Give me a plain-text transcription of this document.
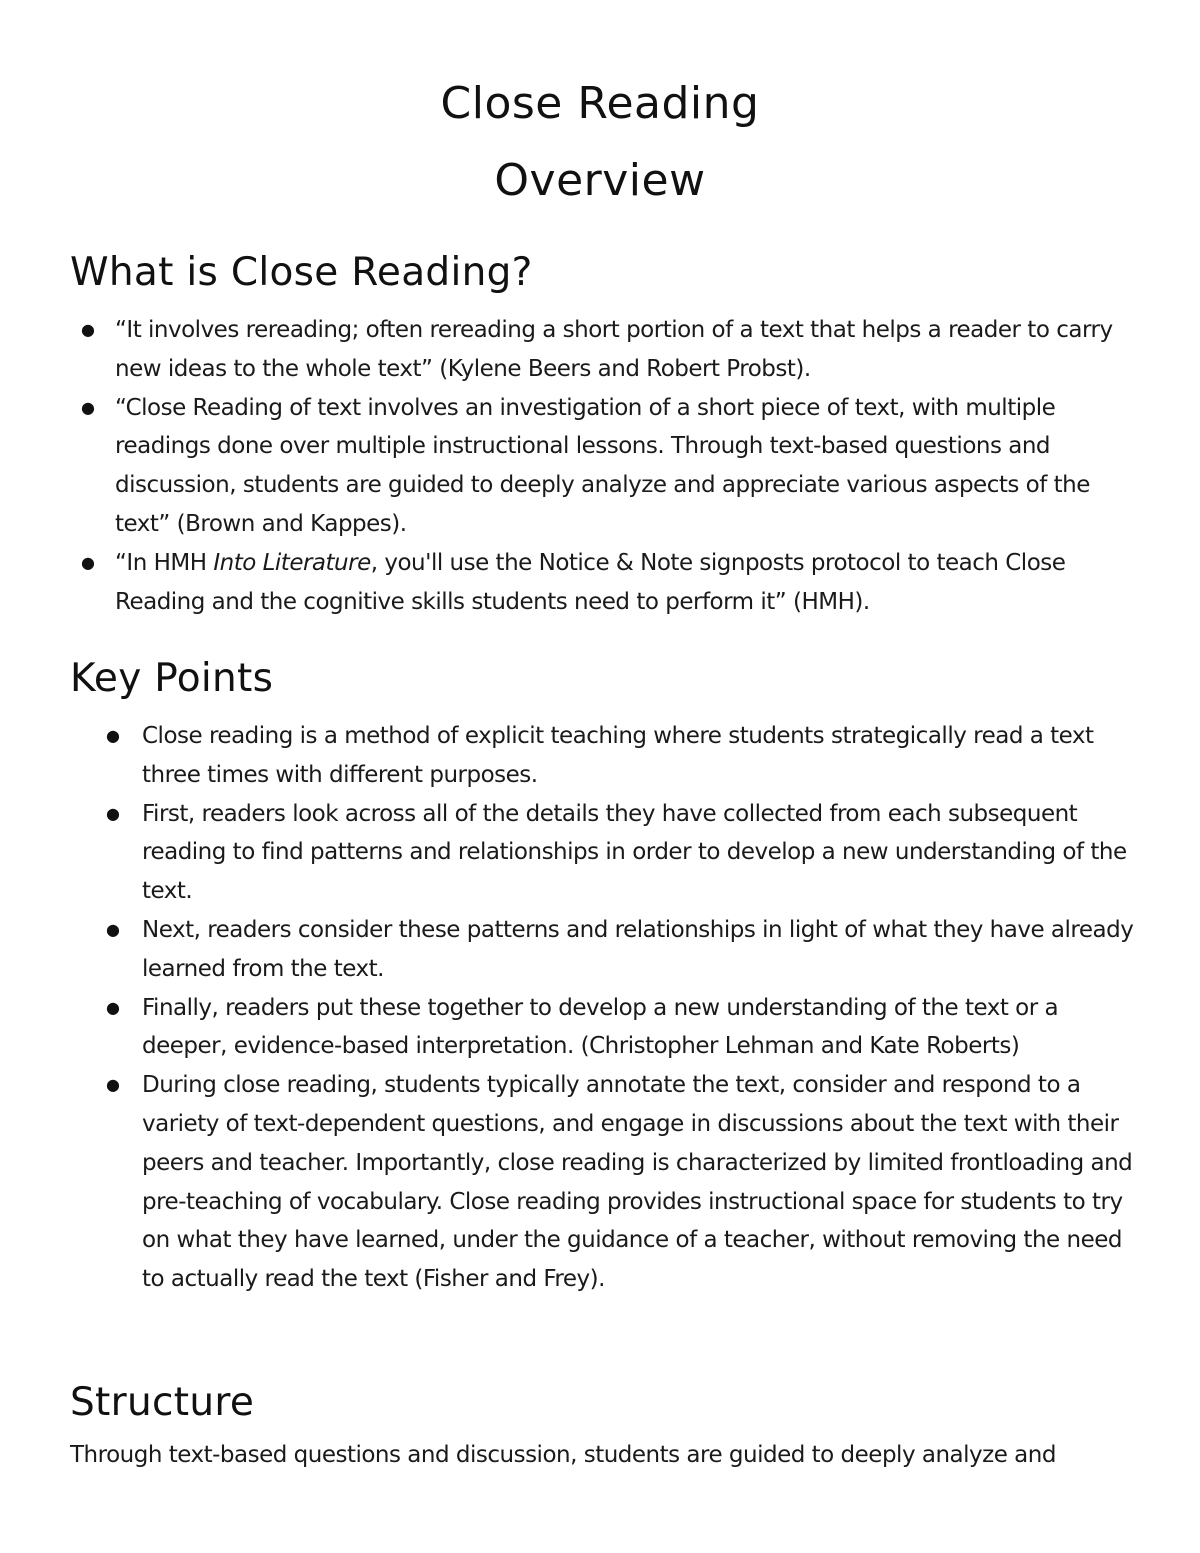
Close Reading
Overview
What is Close Reading?
● “It involves rereading; often rereading a short portion of a text that helps a reader to carry new ideas to the whole text” (Kylene Beers and Robert Probst).
● “Close Reading of text involves an investigation of a short piece of text, with multiple readings done over multiple instructional lessons. Through text-based questions and discussion, students are guided to deeply analyze and appreciate various aspects of the text” (Brown and Kappes).
● “In HMH Into Literature, you'll use the Notice & Note signposts protocol to teach Close Reading and the cognitive skills students need to perform it” (HMH).
Key Points
● Close reading is a method of explicit teaching where students strategically read a text three times with different purposes.
● First, readers look across all of the details they have collected from each subsequent reading to find patterns and relationships in order to develop a new understanding of the text.
● Next, readers consider these patterns and relationships in light of what they have already learned from the text.
● Finally, readers put these together to develop a new understanding of the text or a deeper, evidence-based interpretation. (Christopher Lehman and Kate Roberts)
● During close reading, students typically annotate the text, consider and respond to a variety of text-dependent questions, and engage in discussions about the text with their peers and teacher. Importantly, close reading is characterized by limited frontloading and pre-teaching of vocabulary. Close reading provides instructional space for students to try on what they have learned, under the guidance of a teacher, without removing the need to actually read the text (Fisher and Frey).
Structure

Through text-based questions and discussion, students are guided to deeply analyze and
